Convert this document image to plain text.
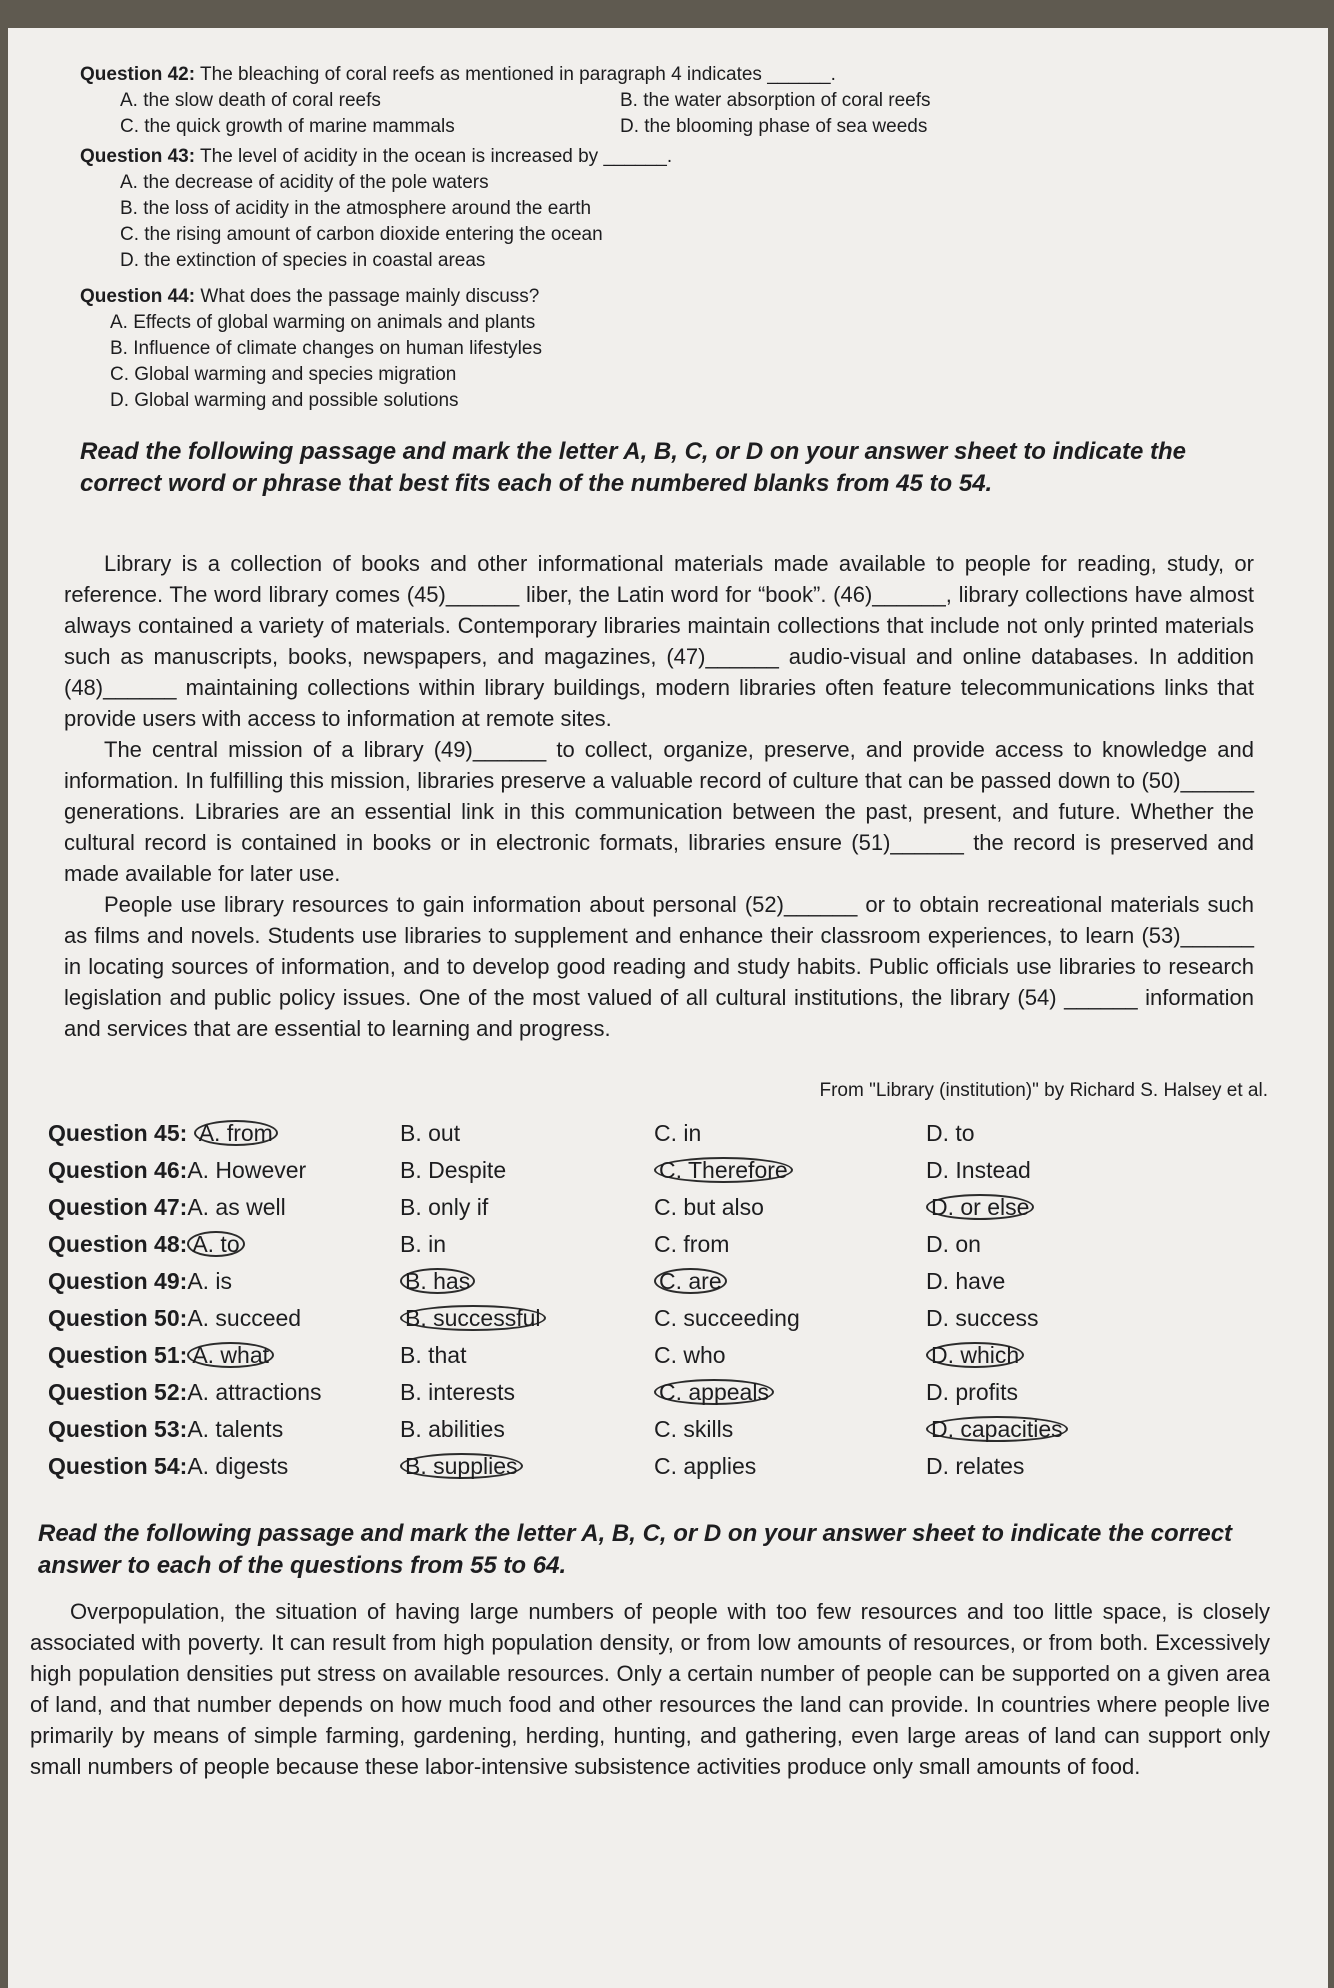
Question 42: The bleaching of coral reefs as mentioned in paragraph 4 indicates ______.
A. the slow death of coral reefs	B. the water absorption of coral reefs
C. the quick growth of marine mammals	D. the blooming phase of sea weeds
Question 43: The level of acidity in the ocean is increased by ______.
A. the decrease of acidity of the pole waters
B. the loss of acidity in the atmosphere around the earth
C. the rising amount of carbon dioxide entering the ocean
D. the extinction of species in coastal areas
Question 44: What does the passage mainly discuss?
A. Effects of global warming on animals and plants
B. Influence of climate changes on human lifestyles
C. Global warming and species migration
D. Global warming and possible solutions
Read the following passage and mark the letter A, B, C, or D on your answer sheet to indicate the correct word or phrase that best fits each of the numbered blanks from 45 to 54.

Library is a collection of books and other informational materials made available to people for reading, study, or reference. The word library comes (45)______ liber, the Latin word for “book”. (46)______, library collections have almost always contained a variety of materials. Contemporary libraries maintain collections that include not only printed materials such as manuscripts, books, newspapers, and magazines, (47)______ audio-visual and online databases. In addition (48)______ maintaining collections within library buildings, modern libraries often feature telecommunications links that provide users with access to information at remote sites.

The central mission of a library (49)______ to collect, organize, preserve, and provide access to knowledge and information. In fulfilling this mission, libraries preserve a valuable record of culture that can be passed down to (50)______ generations. Libraries are an essential link in this communication between the past, present, and future. Whether the cultural record is contained in books or in electronic formats, libraries ensure (51)______ the record is preserved and made available for later use.

People use library resources to gain information about personal (52)______ or to obtain recreational materials such as films and novels. Students use libraries to supplement and enhance their classroom experiences, to learn (53)______ in locating sources of information, and to develop good reading and study habits. Public officials use libraries to research legislation and public policy issues. One of the most valued of all cultural institutions, the library (54) ______ information and services that are essential to learning and progress.

From "Library (institution)" by Richard S. Halsey et al.
Question 45: A. from	B. out	C. in	D. to
Question 46: A. However	B. Despite	C. Therefore	D. Instead
Question 47: A. as well	B. only if	C. but also	D. or else
Question 48: A. to	B. in	C. from	D. on
Question 49: A. is	B. has	C. are	D. have
Question 50: A. succeed	B. successful	C. succeeding	D. success
Question 51: A. what	B. that	C. who	D. which
Question 52: A. attractions	B. interests	C. appeals	D. profits
Question 53: A. talents	B. abilities	C. skills	D. capacities
Question 54: A. digests	B. supplies	C. applies	D. relates
Read the following passage and mark the letter A, B, C, or D on your answer sheet to indicate the correct answer to each of the questions from 55 to 64.

Overpopulation, the situation of having large numbers of people with too few resources and too little space, is closely associated with poverty. It can result from high population density, or from low amounts of resources, or from both. Excessively high population densities put stress on available resources. Only a certain number of people can be supported on a given area of land, and that number depends on how much food and other resources the land can provide. In countries where people live primarily by means of simple farming, gardening, herding, hunting, and gathering, even large areas of land can support only small numbers of people because these labor-intensive subsistence activities produce only small amounts of food.
